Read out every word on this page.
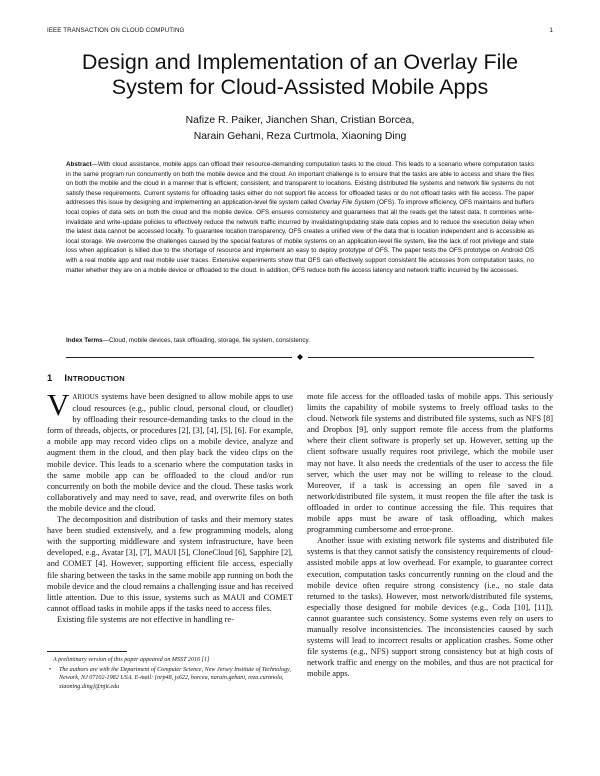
IEEE TRANSACTION ON CLOUD COMPUTING	1
Design and Implementation of an Overlay File
System for Cloud-Assisted Mobile Apps
Nafize R. Paiker, Jianchen Shan, Cristian Borcea,
Narain Gehani, Reza Curtmola, Xiaoning Ding
Abstract—With cloud assistance, mobile apps can offload their resource-demanding computation tasks to the cloud. This leads to a scenario where computation tasks in the same program run concurrently on both the mobile device and the cloud. An important challenge is to ensure that the tasks are able to access and share the files on both the mobile and the cloud in a manner that is efficient, consistent, and transparent to locations. Existing distributed file systems and network file systems do not satisfy these requirements. Current systems for offloading tasks either do not support file access for offloaded tasks or do not offload tasks with file access. The paper addresses this issue by designing and implementing an application-level file system called Overlay File System (OFS). To improve efficiency, OFS maintains and buffers local copies of data sets on both the cloud and the mobile device. OFS ensures consistency and guarantees that all the reads get the latest data. It combines write-invalidate and write-update policies to effectively reduce the network traffic incurred by invalidating/updating stale data copies and to reduce the execution delay when the latest data cannot be accessed locally. To guarantee location transparency, OFS creates a unified view of the data that is location independent and is accessible as local storage. We overcome the challenges caused by the special features of mobile systems on an application-level file system, like the lack of root privilege and state loss when application is killed due to the shortage of resource and implement an easy to deploy prototype of OFS. The paper tests the OFS prototype on Android OS with a real mobile app and real mobile user traces. Extensive experiments show that OFS can effectively support consistent file accesses from computation tasks, no matter whether they are on a mobile device or offloaded to the cloud. In addition, OFS reduce both file access latency and network traffic incurred by file accesses.
Index Terms—Cloud, mobile devices, task offloading, storage, file system, consistency.
1 INTRODUCTION

VARIOUS systems have been designed to allow mobile apps to use cloud resources (e.g., public cloud, personal cloud, or cloudlet) by offloading their resource-demanding tasks to the cloud in the form of threads, objects, or procedures [2], [3], [4], [5], [6]. For example, a mobile app may record video clips on a mobile device, analyze and augment them in the cloud, and then play back the video clips on the mobile device. This leads to a scenario where the computation tasks in the same mobile app can be offloaded to the cloud and/or run concurrently on both the mobile device and the cloud. These tasks work collaboratively and may need to save, read, and overwrite files on both the mobile device and the cloud.

The decomposition and distribution of tasks and their memory states have been studied extensively, and a few programming models, along with the supporting middleware and system infrastructure, have been developed, e.g., Avatar [3], [7], MAUI [5], CloneCloud [6], Sapphire [2], and COMET [4]. However, supporting efficient file access, especially file sharing between the tasks in the same mobile app running on both the mobile device and the cloud remains a challenging issue and has received little attention. Due to this issue, systems such as MAUI and COMET cannot offload tasks in mobile apps if the tasks need to access files.

Existing file systems are not effective in handling re-

mote file access for the offloaded tasks of mobile apps. This seriously limits the capability of mobile systems to freely offload tasks to the cloud. Network file systems and distributed file systems, such as NFS [8] and Dropbox [9], only support remote file access from the platforms where their client software is properly set up. However, setting up the client software usually requires root privilege, which the mobile user may not have. It also needs the credentials of the user to access the file server, which the user may not be willing to release to the cloud. Moreover, if a task is accessing an open file saved in a network/distributed file system, it must reopen the file after the task is offloaded in order to continue accessing the file. This requires that mobile apps must be aware of task offloading, which makes programming cumbersome and error-prone.

Another issue with existing network file systems and distributed file systems is that they cannot satisfy the consistency requirements of cloud-assisted mobile apps at low overhead. For example, to guarantee correct execution, computation tasks concurrently running on the cloud and the mobile device often require strong consistency (i.e., no stale data returned to the tasks). However, most network/distributed file systems, especially those designed for mobile devices (e.g., Coda [10], [11]), cannot guarantee such consistency. Some systems even rely on users to manually resolve inconsistencies. The inconsistencies caused by such systems will lead to incorrect results or application crashes. Some other file systems (e.g., NFS) support strong consistency but at high costs of network traffic and energy on the mobiles, and thus are not practical for mobile apps.

A preliminary version of this paper appeared on MSST 2016 [1]

• The authors are with the Department of Computer Science, New Jersey Institute of Technology, Newark, NJ 07102-1982 USA. E-mail: {nrp48, js622, borcea, narain.gehani, reza.curtmola, xiaoning.ding}@njit.edu
